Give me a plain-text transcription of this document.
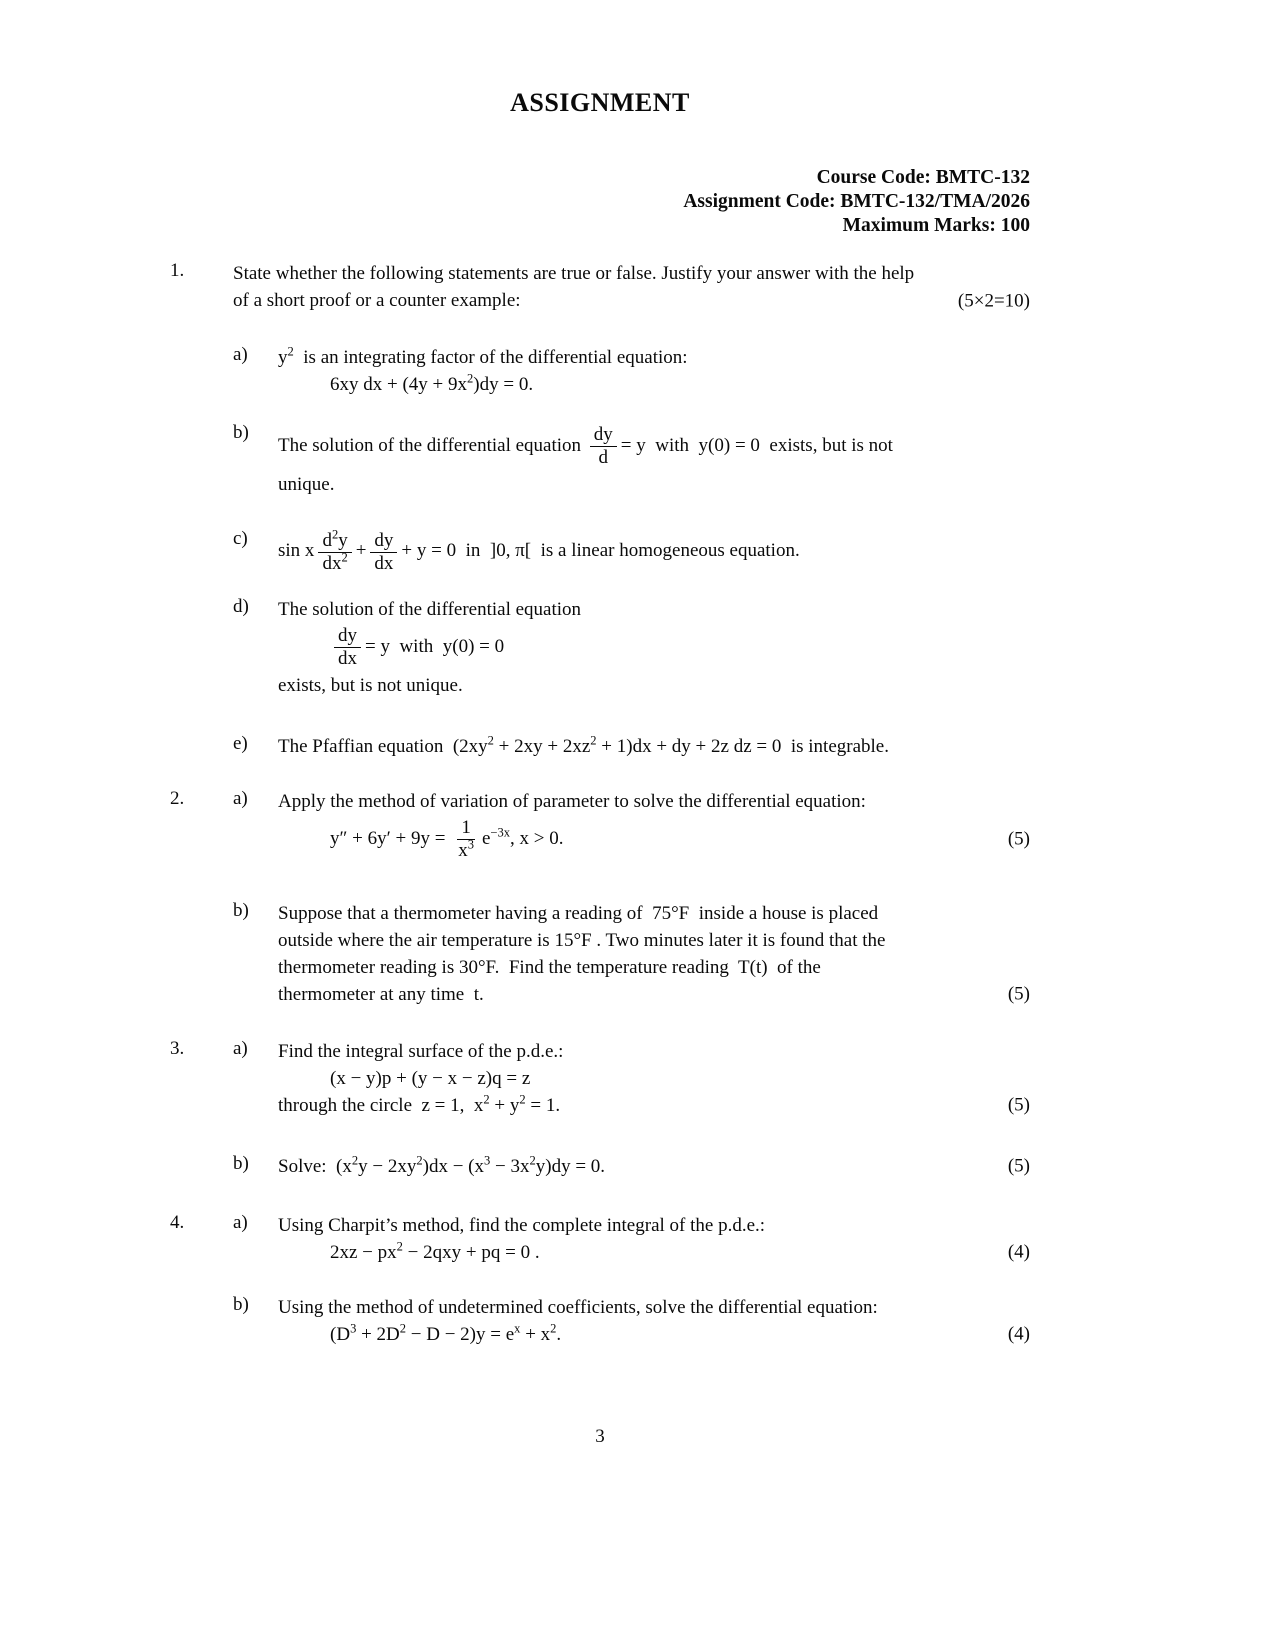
ASSIGNMENT
Course Code: BMTC-132
Assignment Code: BMTC-132/TMA/2026
Maximum Marks: 100
1.	State whether the following statements are true or false. Justify your answer with the help
of a short proof or a counter example:	(5×2=10)
a)	$y^2$  is an integrating factor of the differential equation:
6xy dx + $(4y + 9x^2)dy = 0$.
b)
The solution of the differential equation $\frac{dy}{d} = y$  with  y(0) = 0  exists, but is not
unique.
c)
sin x $\frac{d^2y}{dx^2} + \frac{dy}{dx} + y = 0$  in  ]0, π[  is a linear homogeneous equation.
d)	The solution of the differential equation
$\frac{dy}{dx} = y$  with  y(0) = 0
exists, but is not unique.
e)	The Pfaffian equation  $(2xy^2 + 2xy + 2xz^2 + 1)dx$ + dy + 2z dz = 0  is integrable.
2.	a)	Apply the method of variation of parameter to solve the differential equation:
$y'' + 6y' + 9y = \frac{1}{x^3} e^{-3x}$, x > 0.	(5)
b)	Suppose that a thermometer having a reading of  75°F  inside a house is placed
outside where the air temperature is 15°F . Two minutes later it is found that the
thermometer reading is 30°F.  Find the temperature reading  T(t)  of the
thermometer at any time  t.	(5)
3.	a)	Find the integral surface of the p.d.e.:
(x − y)p + (y − x − z)q = z
through the circle  z = 1,  $x^2 + y^2 = 1$.	(5)
b)	Solve:  $(x^2y - 2xy^2)dx - (x^3 - 3x^2y)dy = 0$.	(5)
4.	a)	Using Charpit’s method, find the complete integral of the p.d.e.:
$2xz - px^2 - 2qxy$ + pq = 0 .	(4)
b)	Using the method of undetermined coefficients, solve the differential equation:
$(D^3 + 2D^2 - D - 2)y = e^x + x^2$.	(4)
3
